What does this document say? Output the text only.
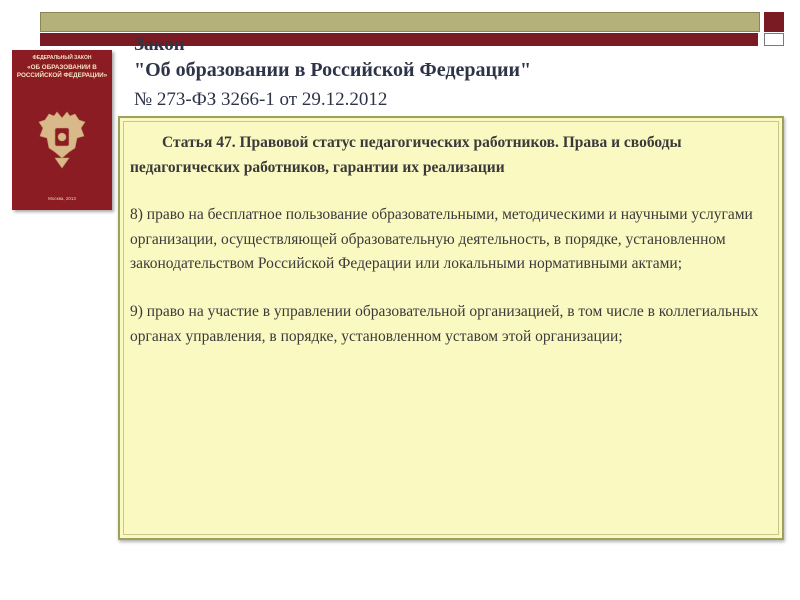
ФЕДЕРАЛЬНЫЙ ЗАКОН
«ОБ ОБРАЗОВАНИИ В РОССИЙСКОЙ ФЕДЕРАЦИИ»
Москва, 2013
Закон
"Об образовании в Российской Федерации"
№ 273-ФЗ 3266-1 от 29.12.2012
Статья 47. Правовой статус педагогических работников. Права и свободы педагогических работников, гарантии их реализации
8) право на бесплатное пользование образовательными, методическими и научными услугами организации, осуществляющей образовательную деятельность, в порядке, установленном законодательством Российской Федерации или локальными нормативными актами;
9) право на участие в управлении образовательной организацией, в том числе в коллегиальных органах управления, в порядке, установленном уставом этой организации;
